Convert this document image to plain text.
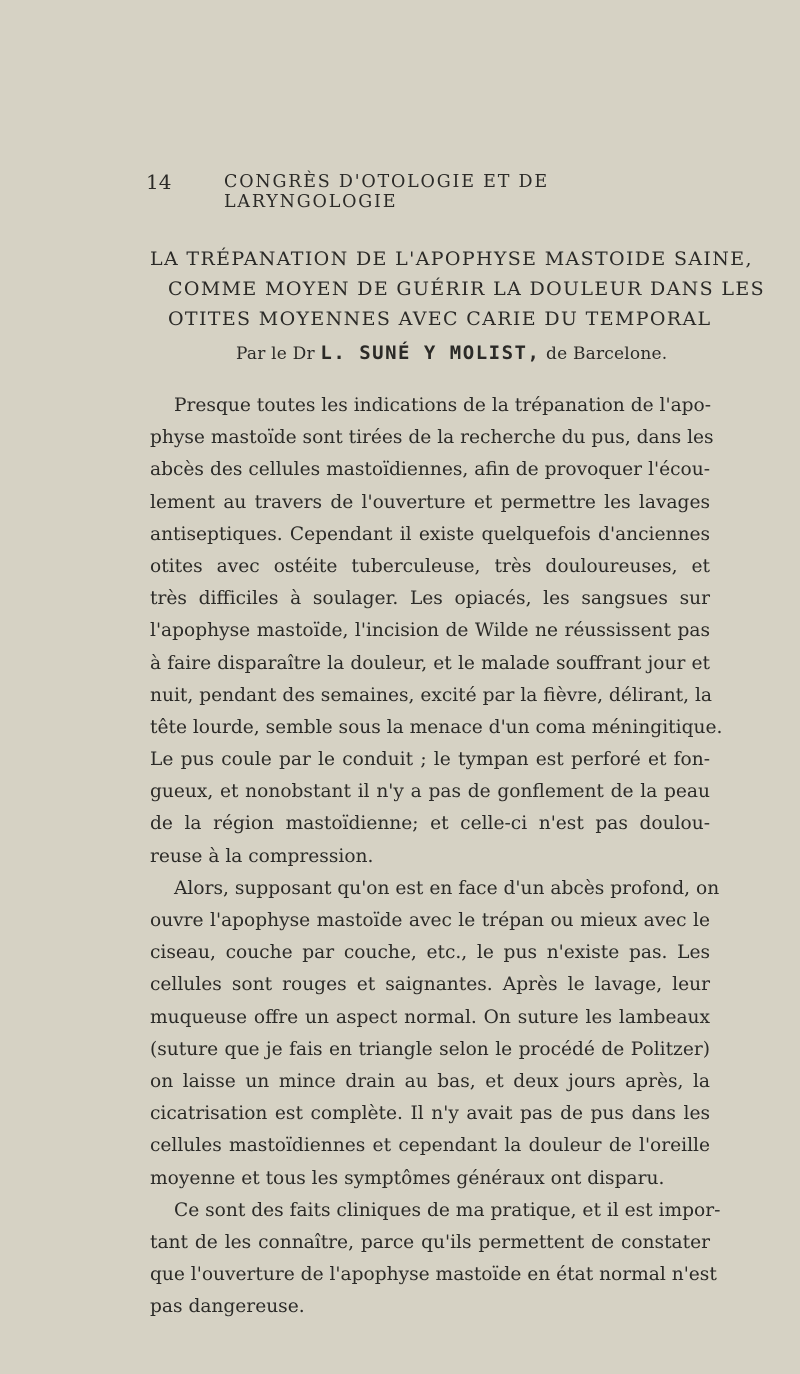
14	CONGRÈS D'OTOLOGIE ET DE LARYNGOLOGIE
LA TRÉPANATION DE L'APOPHYSE MASTOIDE SAINE,
COMME MOYEN DE GUÉRIR LA DOULEUR DANS LES
OTITES MOYENNES AVEC CARIE DU TEMPORAL
Par le Dr L. SUNÉ Y MOLIST, de Barcelone.
Presque toutes les indications de la trépanation de l'apo-
physe mastoïde sont tirées de la recherche du pus, dans les
abcès des cellules mastoïdiennes, afin de provoquer l'écou-
lement au travers de l'ouverture et permettre les lavages
antiseptiques. Cependant il existe quelquefois d'anciennes
otites avec ostéite tuberculeuse, très douloureuses, et
très difficiles à soulager. Les opiacés, les sangsues sur
l'apophyse mastoïde, l'incision de Wilde ne réussissent pas
à faire disparaître la douleur, et le malade souffrant jour et
nuit, pendant des semaines, excité par la fièvre, délirant, la
tête lourde, semble sous la menace d'un coma méningitique.
Le pus coule par le conduit ; le tympan est perforé et fon-
gueux, et nonobstant il n'y a pas de gonflement de la peau
de la région mastoïdienne; et celle-ci n'est pas doulou-
reuse à la compression.
Alors, supposant qu'on est en face d'un abcès profond, on
ouvre l'apophyse mastoïde avec le trépan ou mieux avec le
ciseau, couche par couche, etc., le pus n'existe pas. Les
cellules sont rouges et saignantes. Après le lavage, leur
muqueuse offre un aspect normal. On suture les lambeaux
(suture que je fais en triangle selon le procédé de Politzer)
on laisse un mince drain au bas, et deux jours après, la
cicatrisation est complète. Il n'y avait pas de pus dans les
cellules mastoïdiennes et cependant la douleur de l'oreille
moyenne et tous les symptômes généraux ont disparu.
Ce sont des faits cliniques de ma pratique, et il est impor-
tant de les connaître, parce qu'ils permettent de constater
que l'ouverture de l'apophyse mastoïde en état normal n'est
pas dangereuse.
